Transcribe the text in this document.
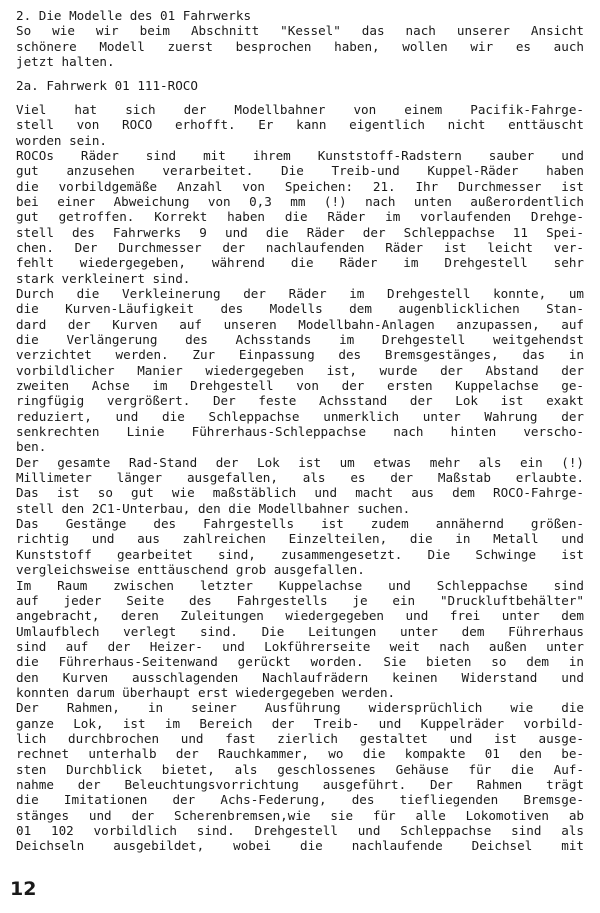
2. Die Modelle des 01 Fahrwerks

So wie wir beim Abschnitt "Kessel" das nach unserer Ansicht
schönere Modell zuerst besprochen haben, wollen wir es auch
jetzt halten.

2a. Fahrwerk 01 111-ROCO

Viel hat sich der Modellbahner von einem Pacifik-Fahrge-
stell von ROCO erhofft. Er kann eigentlich nicht enttäuscht
worden sein.
ROCOs Räder sind mit ihrem Kunststoff-Radstern sauber und
gut anzusehen verarbeitet. Die Treib-und Kuppel-Räder haben
die vorbildgemäße Anzahl von Speichen: 21. Ihr Durchmesser ist
bei einer Abweichung von 0,3 mm (!) nach unten außerordentlich
gut getroffen. Korrekt haben die Räder im vorlaufenden Drehge-
stell des Fahrwerks 9 und die Räder der Schleppachse 11 Spei-
chen. Der Durchmesser der nachlaufenden Räder ist leicht ver-
fehlt wiedergegeben, während die Räder im Drehgestell sehr
stark verkleinert sind.
Durch die Verkleinerung der Räder im Drehgestell konnte, um
die Kurven-Läufigkeit des Modells dem augenblicklichen Stan-
dard der Kurven auf unseren Modellbahn-Anlagen anzupassen, auf
die Verlängerung des Achsstands im Drehgestell weitgehendst
verzichtet werden. Zur Einpassung des Bremsgestänges, das in
vorbildlicher Manier wiedergegeben ist, wurde der Abstand der
zweiten Achse im Drehgestell von der ersten Kuppelachse ge-
ringfügig vergrößert. Der feste Achsstand der Lok ist exakt
reduziert, und die Schleppachse unmerklich unter Wahrung der
senkrechten Linie Führerhaus-Schleppachse nach hinten verscho-
ben.
Der gesamte Rad-Stand der Lok ist um etwas mehr als ein (!)
Millimeter länger ausgefallen, als es der Maßstab erlaubte.
Das ist so gut wie maßstäblich und macht aus dem ROCO-Fahrge-
stell den 2C1-Unterbau, den die Modellbahner suchen.
Das Gestänge des Fahrgestells ist zudem annähernd größen-
richtig und aus zahlreichen Einzelteilen, die in Metall und
Kunststoff gearbeitet sind, zusammengesetzt. Die Schwinge ist
vergleichsweise enttäuschend grob ausgefallen.
Im Raum zwischen letzter Kuppelachse und Schleppachse sind
auf jeder Seite des Fahrgestells je ein "Druckluftbehälter"
angebracht, deren Zuleitungen wiedergegeben und frei unter dem
Umlaufblech verlegt sind. Die Leitungen unter dem Führerhaus
sind auf der Heizer- und Lokführerseite weit nach außen unter
die Führerhaus-Seitenwand gerückt worden. Sie bieten so dem in
den Kurven ausschlagenden Nachlaufrädern keinen Widerstand und
konnten darum überhaupt erst wiedergegeben werden.
Der Rahmen, in seiner Ausführung widersprüchlich wie die
ganze Lok, ist im Bereich der Treib- und Kuppelräder vorbild-
lich durchbrochen und fast zierlich gestaltet und ist ausge-
rechnet unterhalb der Rauchkammer, wo die kompakte 01 den be-
sten Durchblick bietet, als geschlossenes Gehäuse für die Auf-
nahme der Beleuchtungsvorrichtung ausgeführt. Der Rahmen trägt
die Imitationen der Achs-Federung, des tiefliegenden Bremsge-
stänges und der Scherenbremsen,wie sie für alle Lokomotiven ab
01 102 vorbildlich sind. Drehgestell und Schleppachse sind als
Deichseln ausgebildet, wobei die nachlaufende Deichsel mit

12
